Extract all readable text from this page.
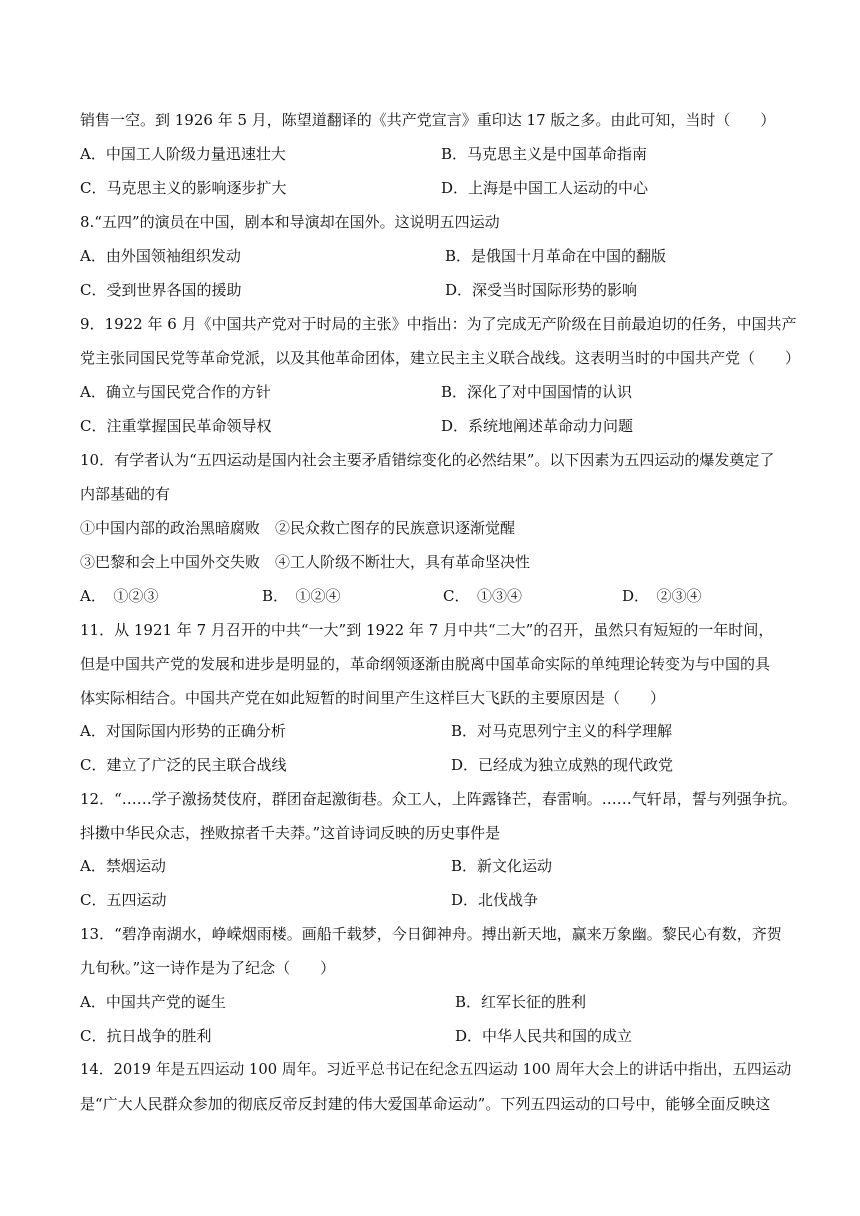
销售一空。到 1926 年 5 月，陈望道翻译的《共产党宣言》重印达 17 版之多。由此可知，当时（　　）
A．中国工人阶级力量迅速壮大	B．马克思主义是中国革命指南
C．马克思主义的影响逐步扩大	D．上海是中国工人运动的中心
8.“五四”的演员在中国，剧本和导演却在国外。这说明五四运动
A．由外国领袖组织发动	B．是俄国十月革命在中国的翻版
C．受到世界各国的援助	D．深受当时国际形势的影响
9．1922 年 6 月《中国共产党对于时局的主张》中指出：为了完成无产阶级在目前最迫切的任务，中国共产
党主张同国民党等革命党派，以及其他革命团体，建立民主主义联合战线。这表明当时的中国共产党（　　）
A．确立与国民党合作的方针	B．深化了对中国国情的认识
C．注重掌握国民革命领导权	D．系统地阐述革命动力问题
10．有学者认为“五四运动是国内社会主要矛盾错综变化的必然结果”。以下因素为五四运动的爆发奠定了
内部基础的有
①中国内部的政治黑暗腐败　②民众救亡图存的民族意识逐渐觉醒
③巴黎和会上中国外交失败　④工人阶级不断壮大，具有革命坚决性
A．　①②③	B．　①②④	C．　①③④	D．　②③④
11．从 1921 年 7 月召开的中共“一大”到 1922 年 7 月中共“二大”的召开，虽然只有短短的一年时间，
但是中国共产党的发展和进步是明显的，革命纲领逐渐由脱离中国革命实际的单纯理论转变为与中国的具
体实际相结合。中国共产党在如此短暂的时间里产生这样巨大飞跃的主要原因是（　　）
A．对国际国内形势的正确分析	B．对马克思列宁主义的科学理解
C．建立了广泛的民主联合战线	D．已经成为独立成熟的现代政党
12．“……学子激扬焚伎府，群团奋起激街巷。众工人，上阵露锋芒，春雷响。……气轩昂，誓与列强争抗。
抖擞中华民众志，挫败掠者千夫莽。”这首诗词反映的历史事件是
A．禁烟运动	B．新文化运动
C．五四运动	D．北伐战争
13．“碧净南湖水，峥嵘烟雨楼。画船千载梦，今日御神舟。搏出新天地，赢来万象幽。黎民心有数，齐贺
九旬秋。”这一诗作是为了纪念（　　）
A．中国共产党的诞生	B．红军长征的胜利
C．抗日战争的胜利	D．中华人民共和国的成立
14．2019 年是五四运动 100 周年。习近平总书记在纪念五四运动 100 周年大会上的讲话中指出，五四运动
是“广大人民群众参加的彻底反帝反封建的伟大爱国革命运动”。下列五四运动的口号中，能够全面反映这
